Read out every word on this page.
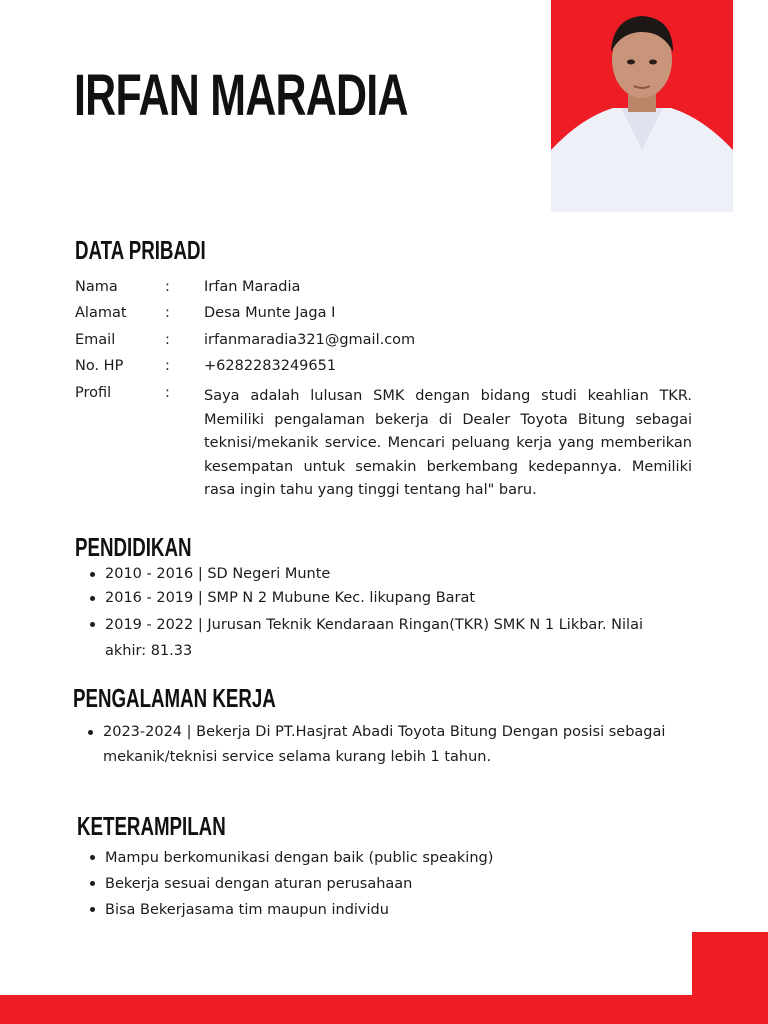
IRFAN MARADIA
DATA PRIBADI
Nama	: Irfan Maradia
Alamat	: Desa Munte Jaga I
Email	: irfanmaradia321@gmail.com
No. HP	: +6282283249651
Profil	: Saya adalah lulusan SMK dengan bidang studi keahlian TKR. Memiliki pengalaman bekerja di Dealer Toyota Bitung sebagai teknisi/mekanik service. Mencari peluang kerja yang memberikan kesempatan untuk semakin berkembang kedepannya. Memiliki rasa ingin tahu yang tinggi tentang hal" baru.

PENDIDIKAN
2010 - 2016 | SD Negeri Munte
2016 - 2019 | SMP N 2 Mubune Kec. likupang Barat
2019 - 2022 | Jurusan Teknik Kendaraan Ringan(TKR) SMK N 1 Likbar. Nilai akhir: 81.33
PENGALAMAN KERJA
2023-2024 | Bekerja Di PT.Hasjrat Abadi Toyota Bitung Dengan posisi sebagai mekanik/teknisi service selama kurang lebih 1 tahun.
KETERAMPILAN
Mampu berkomunikasi dengan baik (public speaking)
Bekerja sesuai dengan aturan perusahaan
Bisa Bekerjasama tim maupun individu
